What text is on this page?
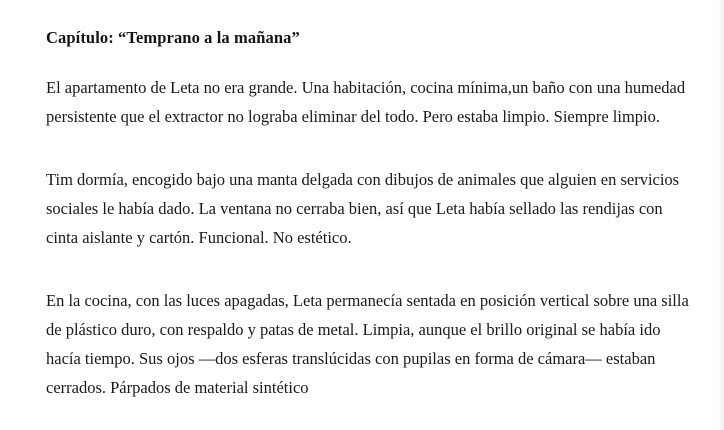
Capítulo: “Temprano a la mañana”

El apartamento de Leta no era grande. Una habitación, cocina mínima,un baño con una humedad persistente que el extractor no lograba eliminar del todo. Pero estaba limpio. Siempre limpio.

Tim dormía, encogido bajo una manta delgada con dibujos de animales que alguien en servicios sociales le había dado. La ventana no cerraba bien, así que Leta había sellado las rendijas con cinta aislante y cartón. Funcional. No estético.

En la cocina, con las luces apagadas, Leta permanecía sentada en posición vertical sobre una silla de plástico duro, con respaldo y patas de metal. Limpia, aunque el brillo original se había ido hacía tiempo. Sus ojos —dos esferas translúcidas con pupilas en forma de cámara— estaban cerrados. Párpados de material sintético
